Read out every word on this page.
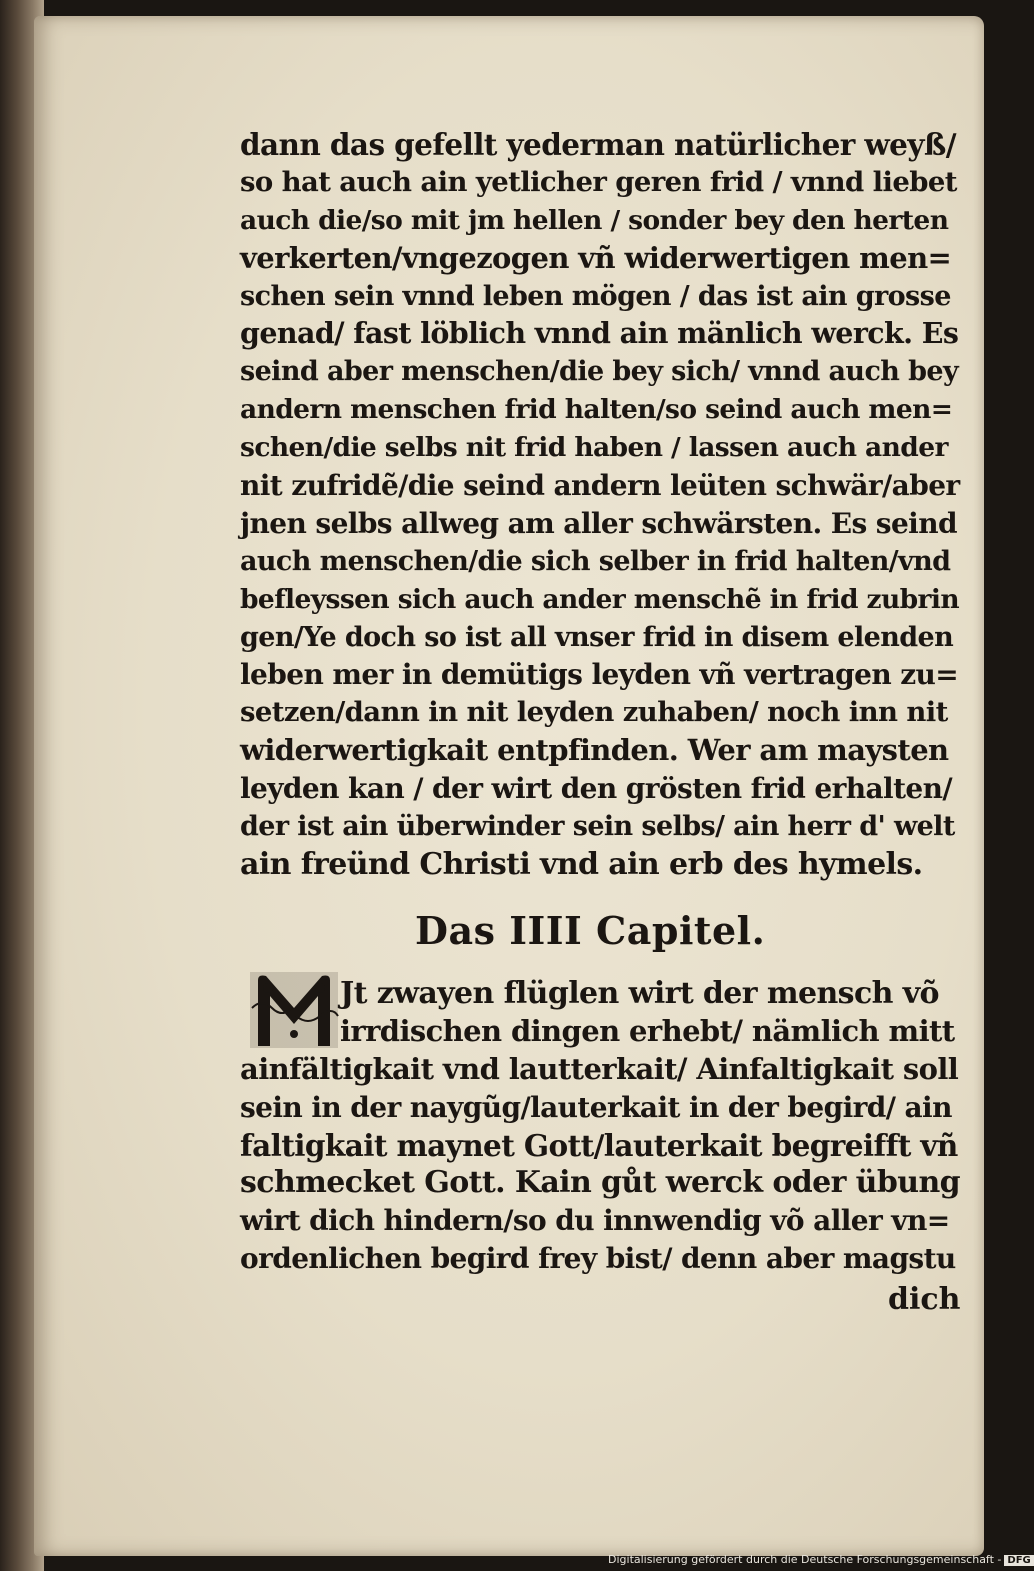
dann das gefellt yederman natürlicher weyß/
so hat auch ain yetlicher geren frid / vnnd liebet
auch die/so mit jm hellen / sonder bey den herten
verkerten/vngezogen vñ widerwertigen men=
schen sein vnnd leben mögen / das ist ain grosse
genad/ fast löblich vnnd ain mänlich werck. Es
seind aber menschen/die bey sich/ vnnd auch bey
andern menschen frid halten/so seind auch men=
schen/die selbs nit frid haben / lassen auch ander
nit zufridẽ/die seind andern leüten schwär/aber
jnen selbs allweg am aller schwärsten. Es seind
auch menschen/die sich selber in frid halten/vnd
befleyssen sich auch ander menschẽ in frid zubrin
gen/Ye doch so ist all vnser frid in disem elenden
leben mer in demütigs leyden vñ vertragen zu=
setzen/dann in nit leyden zuhaben/ noch inn nit
widerwertigkait entpfinden. Wer am maysten
leyden kan / der wirt den grösten frid erhalten/
der ist ain überwinder sein selbs/ ain herr d' welt
ain freünd Christi vnd ain erb des hymels.
Das IIII Capitel.
Jt zwayen flüglen wirt der mensch võ
irrdischen dingen erhebt/ nämlich mitt
ainfältigkait vnd lautterkait/ Ainfaltigkait soll
sein in der naygũg/lauterkait in der begird/ ain
faltigkait maynet Gott/lauterkait begreifft vñ
schmecket Gott. Kain gůt werck oder übung
wirt dich hindern/so du innwendig võ aller vn=
ordenlichen begird frey bist/ denn aber magstu
dich
Digitalisierung gefördert durch die Deutsche Forschungsgemeinschaft - DFG
